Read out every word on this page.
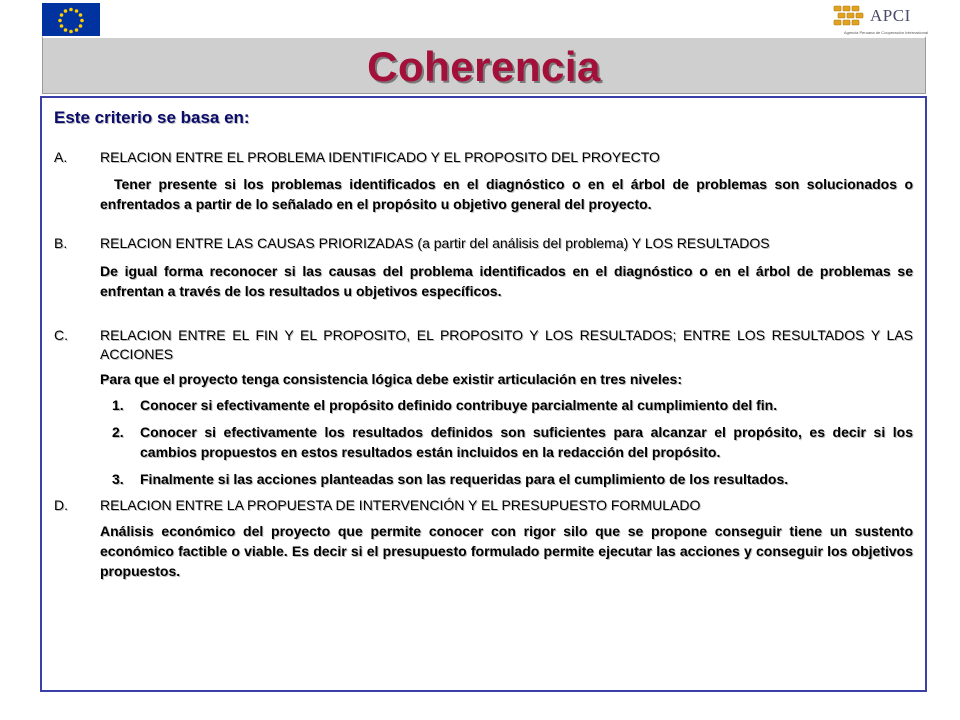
APCI
Agencia Peruana de Cooperación Internacional
Coherencia

Este criterio se basa en:

A. RELACION ENTRE EL PROBLEMA IDENTIFICADO Y EL PROPOSITO DEL PROYECTO
Tener presente si los problemas identificados en el diagnóstico o en el árbol de problemas son solucionados o enfrentados a partir de lo señalado en el propósito u objetivo general del proyecto.
B. RELACION ENTRE LAS CAUSAS PRIORIZADAS (a partir del análisis del problema) Y LOS RESULTADOS
De igual forma reconocer si las causas del problema identificados en el diagnóstico o en el árbol de problemas se enfrentan a través de los resultados u objetivos específicos.
C. RELACION ENTRE EL FIN Y EL PROPOSITO, EL PROPOSITO Y LOS RESULTADOS; ENTRE LOS RESULTADOS Y LAS ACCIONES
Para que el proyecto tenga consistencia lógica debe existir articulación en tres niveles:
1. Conocer si efectivamente el propósito definido contribuye parcialmente al cumplimiento del fin.
2. Conocer si efectivamente los resultados definidos son suficientes para alcanzar el propósito, es decir si los cambios propuestos en estos resultados están incluidos en la redacción del propósito.
3. Finalmente si las acciones planteadas son las requeridas para el cumplimiento de los resultados.
D. RELACION ENTRE LA PROPUESTA DE INTERVENCIÓN Y EL PRESUPUESTO FORMULADO
Análisis económico del proyecto que permite conocer con rigor silo que se propone conseguir tiene un sustento económico factible o viable. Es decir si el presupuesto formulado permite ejecutar las acciones y conseguir los objetivos propuestos.
